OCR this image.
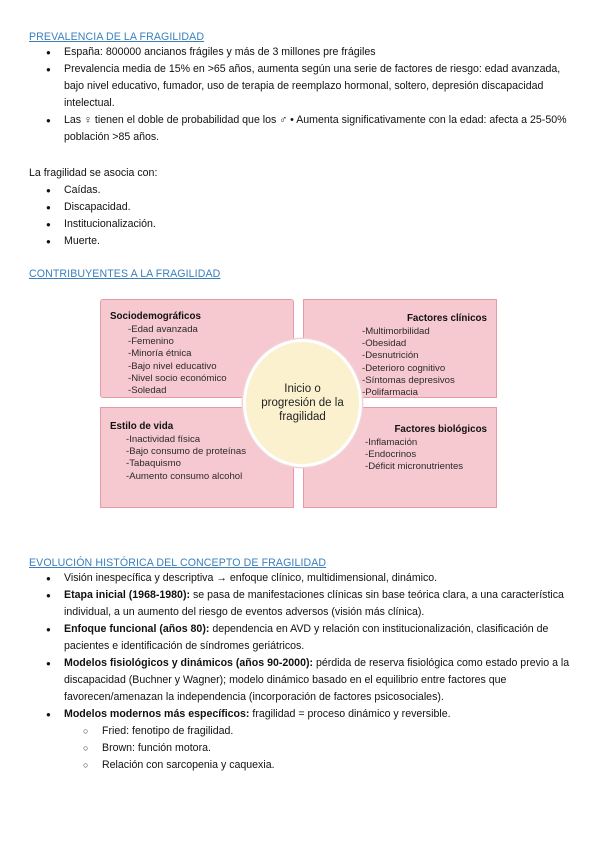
PREVALENCIA DE LA FRAGILIDAD
● España: 800000 ancianos frágiles y más de 3 millones pre frágiles
● Prevalencia media de 15% en >65 años, aumenta según una serie de factores de riesgo: edad avanzada, bajo nivel educativo, fumador, uso de terapia de reemplazo hormonal, soltero, depresión discapacidad intelectual.
● Las ♀ tienen el doble de probabilidad que los ♂ • Aumenta significativamente con la edad: afecta a 25-50% población >85 años.

La fragilidad se asocia con:

● Caídas.
● Discapacidad.
● Institucionalización.
● Muerte.
CONTRIBUYENTES A LA FRAGILIDAD
Sociodemográficos
-Edad avanzada
-Femenino
-Minoría étnica
-Bajo nivel educativo
-Nivel socio económico
-Soledad
Factores clínicos
-Multimorbilidad
-Obesidad
-Desnutrición
-Deterioro cognitivo
-Síntomas depresivos
-Polifarmacia
Estilo de vida
-Inactividad física
-Bajo consumo de proteínas
-Tabaquismo
-Aumento consumo alcohol
Factores biológicos
-Inflamación
-Endocrinos
-Déficit micronutrientes
Inicio o progresión de la fragilidad
EVOLUCIÓN HISTÓRICA DEL CONCEPTO DE FRAGILIDAD
● Visión inespecífica y descriptiva → enfoque clínico, multidimensional, dinámico.
● Etapa inicial (1968-1980): se pasa de manifestaciones clínicas sin base teórica clara, a una característica individual, a un aumento del riesgo de eventos adversos (visión más clínica).
● Enfoque funcional (años 80): dependencia en AVD y relación con institucionalización, clasificación de pacientes e identificación de síndromes geriátricos.
● Modelos fisiológicos y dinámicos (años 90-2000): pérdida de reserva fisiológica como estado previo a la discapacidad (Buchner y Wagner); modelo dinámico basado en el equilibrio entre factores que favorecen/amenazan la independencia (incorporación de factores psicosociales).
● Modelos modernos más específicos: fragilidad = proceso dinámico y reversible.
○ Fried: fenotipo de fragilidad.
○ Brown: función motora.
○ Relación con sarcopenia y caquexia.
